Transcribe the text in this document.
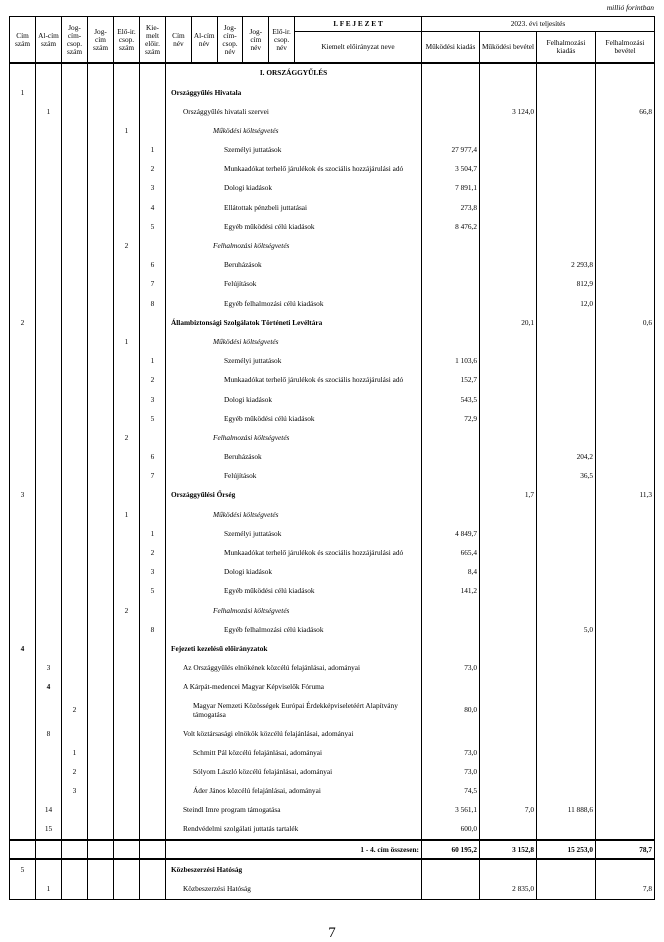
millió forintban
Cím szám	Al-cím szám	Jog-cím-csop. szám	Jog-cím szám	Elő-ir. csop. szám	Kie-melt előir. szám	Cím név	Al-cím név	Jog-cím-csop. név	Jog-cím név	Elő-ir. csop. név	I. F E J E Z E T	2023. évi teljesítés			
											Kiemelt előirányzat neve	Működési kiadás	Működési bevétel	Felhalmozási kiadás	Felhalmozási bevétel
						I. ORSZÁGGYŰLÉS									
1						Országgyűlés Hivatala									
	1					Országgyűlés hivatali szervei							3 124,0		66,8
				1		Működési költségvetés									
					1	Személyi juttatások						27 977,4			
					2	Munkaadókat terhelő járulékok és szociális hozzájárulási adó						3 504,7			
					3	Dologi kiadások						7 891,1			
					4	Ellátottak pénzbeli juttatásai						273,8			
					5	Egyéb működési célú kiadások						8 476,2			
				2		Felhalmozási költségvetés									
					6	Beruházások								2 293,8	
					7	Felújítások								812,9	
					8	Egyéb felhalmozási célú kiadások								12,0	
2						Állambiztonsági Szolgálatok Történeti Levéltára							20,1		0,6
				1		Működési költségvetés									
					1	Személyi juttatások						1 103,6			
					2	Munkaadókat terhelő járulékok és szociális hozzájárulási adó						152,7			
					3	Dologi kiadások						543,5			
					5	Egyéb működési célú kiadások						72,9			
				2		Felhalmozási költségvetés									
					6	Beruházások								204,2	
					7	Felújítások								36,5	
3						Országgyűlési Őrség							1,7		11,3
				1		Működési költségvetés									
					1	Személyi juttatások						4 849,7			
					2	Munkaadókat terhelő járulékok és szociális hozzájárulási adó						665,4			
					3	Dologi kiadások						8,4			
					5	Egyéb működési célú kiadások						141,2			
				2		Felhalmozási költségvetés									
					8	Egyéb felhalmozási célú kiadások								5,0	
4						Fejezeti kezelésű előirányzatok									
	3					Az Országgyűlés elnökének közcélú felajánlásai, adományai						73,0			
	4					A Kárpát-medencei Magyar Képviselők Fóruma									
		2				Magyar Nemzeti Közösségek Európai Érdekképviseletéért Alapítvány támogatása						80,0			
	8					Volt köztársasági elnökök közcélú felajánlásai, adományai									
		1				Schmitt Pál közcélú felajánlásai, adományai						73,0			
		2				Sólyom László közcélú felajánlásai, adományai						73,0			
		3				Áder János közcélú felajánlásai, adományai						74,5			
	14					Steindl Imre program támogatása						3 561,1	7,0	11 888,6	
	15					Rendvédelmi szolgálati juttatás tartalék						600,0			
						1 - 4. cím összesen:						60 195,2	3 152,8	15 253,0	78,7
5						Közbeszerzési Hatóság									
	1					Közbeszerzési Hatóság							2 835,0		7,8
7
